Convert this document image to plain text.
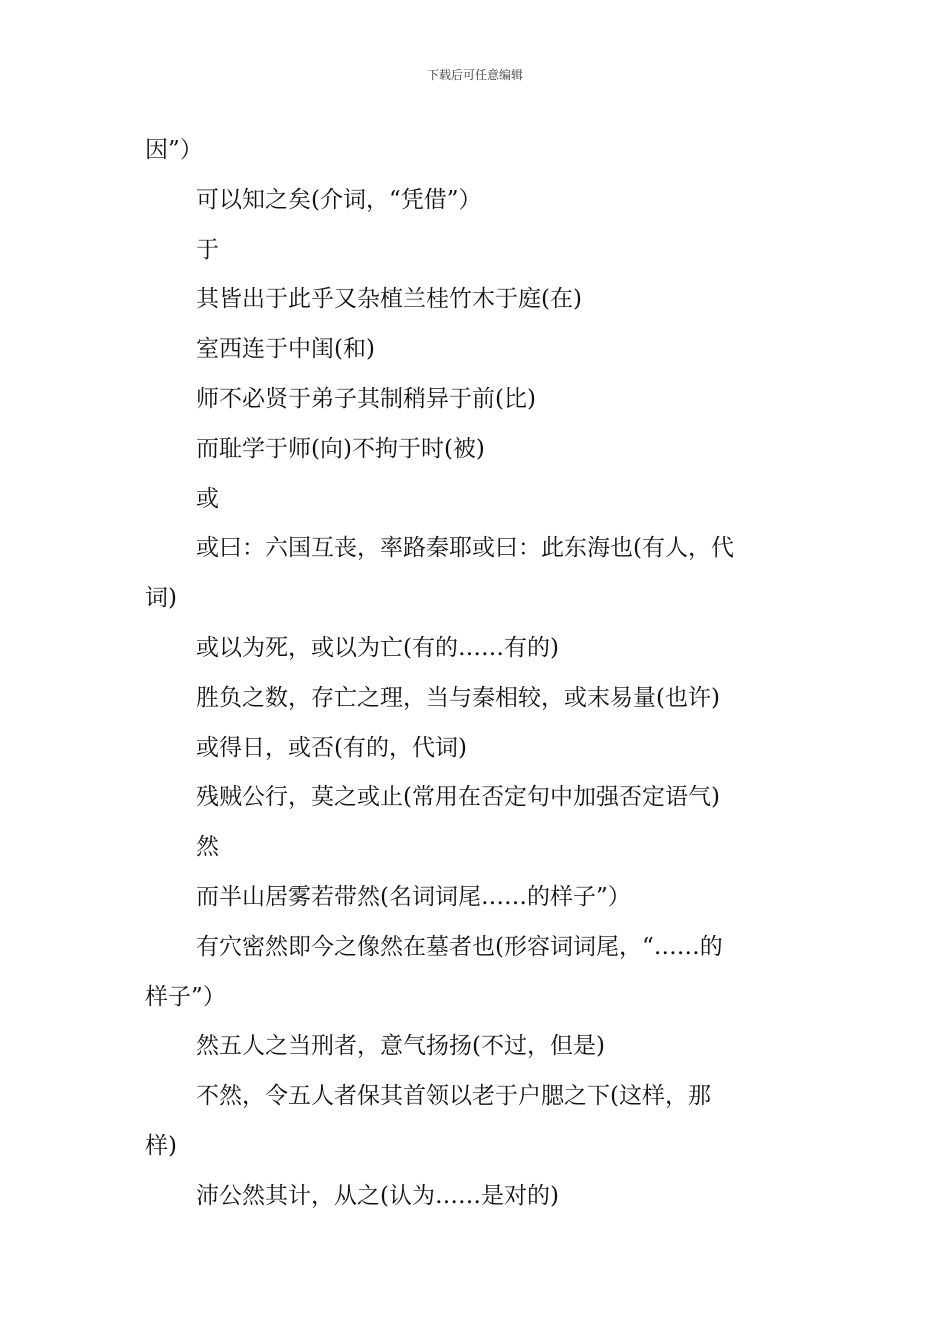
下载后可任意编辑
因”）
可以知之矣(介词，“凭借”）
于
其皆出于此乎又杂植兰桂竹木于庭(在)
室西连于中闺(和)
师不必贤于弟子其制稍异于前(比)
而耻学于师(向)不拘于时(被)
或
或曰：六国互丧，率路秦耶或曰：此东海也(有人，代
词)
或以为死，或以为亡(有的……有的)
胜负之数，存亡之理，当与秦相较，或末易量(也许)
或得日，或否(有的，代词)
残贼公行，莫之或止(常用在否定句中加强否定语气)
然
而半山居雾若带然(名词词尾……的样子”）
有穴密然即今之像然在墓者也(形容词词尾，“……的
样子”）
然五人之当刑者，意气扬扬(不过，但是)
不然，令五人者保其首领以老于户腮之下(这样，那
样)
沛公然其计，从之(认为……是对的)
